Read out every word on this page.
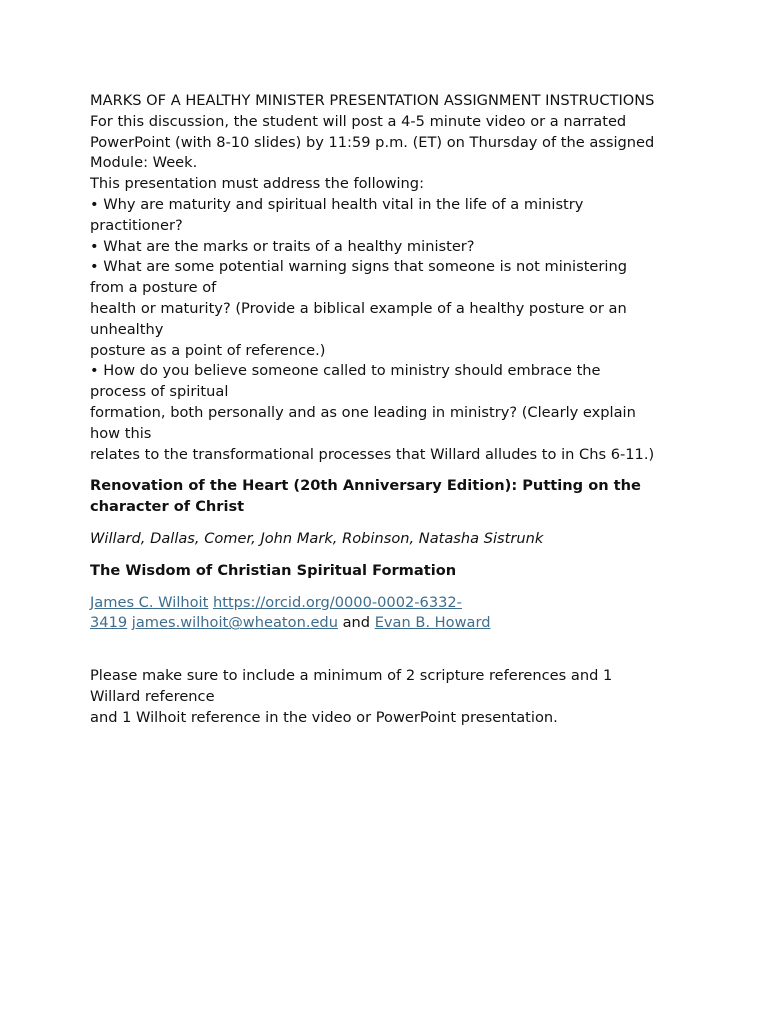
MARKS OF A HEALTHY MINISTER PRESENTATION ASSIGNMENT INSTRUCTIONS
For this discussion, the student will post a 4-5 minute video or a narrated
PowerPoint (with 8-10 slides) by 11:59 p.m. (ET) on Thursday of the assigned
Module: Week.
This presentation must address the following:
• Why are maturity and spiritual health vital in the life of a ministry
practitioner?
• What are the marks or traits of a healthy minister?
• What are some potential warning signs that someone is not ministering
from a posture of
health or maturity? (Provide a biblical example of a healthy posture or an
unhealthy
posture as a point of reference.)
• How do you believe someone called to ministry should embrace the
process of spiritual
formation, both personally and as one leading in ministry? (Clearly explain
how this
relates to the transformational processes that Willard alludes to in Chs 6-11.)
Renovation of the Heart (20th Anniversary Edition): Putting on the
character of Christ
Willard, Dallas, Comer, John Mark, Robinson, Natasha Sistrunk
The Wisdom of Christian Spiritual Formation
James C. Wilhoit https://orcid.org/0000-0002-6332-
3419 james.wilhoit@wheaton.edu and Evan B. Howard
Please make sure to include a minimum of 2 scripture references and 1
Willard reference
and 1 Wilhoit reference in the video or PowerPoint presentation.
